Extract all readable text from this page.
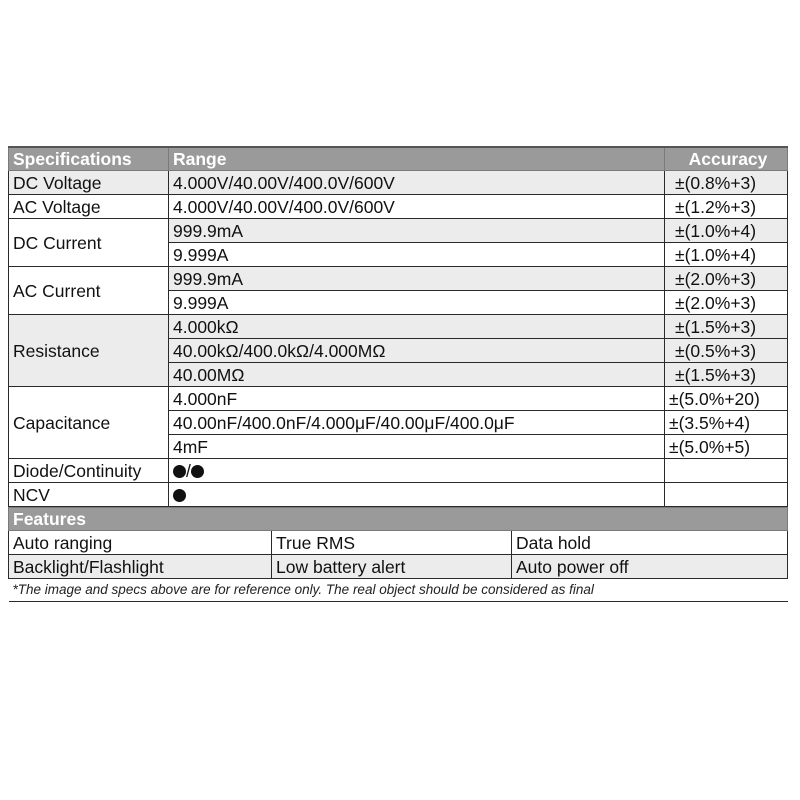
Specifications	Range	Accuracy
DC Voltage	4.000V/40.00V/400.0V/600V	±(0.8%+3)
AC Voltage	4.000V/40.00V/400.0V/600V	±(1.2%+3)
DC Current	999.9mA	±(1.0%+4)
	9.999A	±(1.0%+4)
AC Current	999.9mA	±(2.0%+3)
	9.999A	±(2.0%+3)
Resistance	4.000kΩ	±(1.5%+3)
	40.00kΩ/400.0kΩ/4.000MΩ	±(0.5%+3)
	40.00MΩ	±(1.5%+3)
Capacitance	4.000nF	±(5.0%+20)
	40.00nF/400.0nF/4.000μF/40.00μF/400.0μF	±(3.5%+4)
	4mF	±(5.0%+5)
Diode/Continuity	/	
NCV		
Features		
Auto ranging	True RMS	Data hold
Backlight/Flashlight	Low battery alert	Auto power off
*The image and specs above are for reference only. The real object should be considered as final		
